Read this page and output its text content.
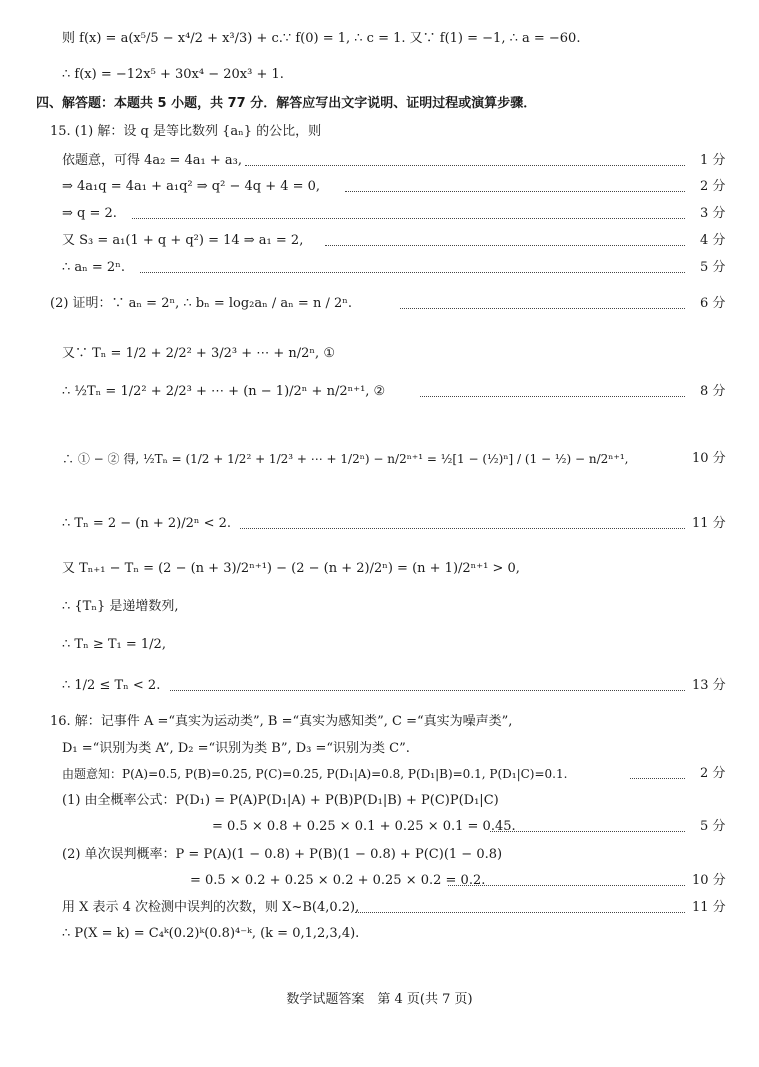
则 f(x) = a(x⁵/5 − x⁴/2 + x³/3) + c.∵ f(0) = 1, ∴ c = 1. 又∵ f(1) = −1, ∴ a = −60.
∴ f(x) = −12x⁵ + 30x⁴ − 20x³ + 1.
四、解答题：本题共 5 小题，共 77 分．解答应写出文字说明、证明过程或演算步骤．
15. (1) 解：设 q 是等比数列 {aₙ} 的公比，则
依题意，可得 4a₂ = 4a₁ + a₃,	1 分
⇒ 4a₁q = 4a₁ + a₁q² ⇒ q² − 4q + 4 = 0,	2 分
⇒ q = 2.	3 分
又 S₃ = a₁(1 + q + q²) = 14 ⇒ a₁ = 2,	4 分
∴ aₙ = 2ⁿ.	5 分
(2) 证明：∵ aₙ = 2ⁿ, ∴ bₙ = log₂aₙ / aₙ = n / 2ⁿ.	6 分
又∵ Tₙ = 1/2 + 2/2² + 3/2³ + ⋯ + n/2ⁿ, ①
∴ ½Tₙ = 1/2² + 2/2³ + ⋯ + (n − 1)/2ⁿ + n/2ⁿ⁺¹, ②	8 分
∴ ① − ② 得, ½Tₙ = (1/2 + 1/2² + 1/2³ + ⋯ + 1/2ⁿ) − n/2ⁿ⁺¹ = ½[1 − (½)ⁿ] / (1 − ½) − n/2ⁿ⁺¹,	10 分
∴ Tₙ = 2 − (n + 2)/2ⁿ < 2.	11 分
又 Tₙ₊₁ − Tₙ = (2 − (n + 3)/2ⁿ⁺¹) − (2 − (n + 2)/2ⁿ) = (n + 1)/2ⁿ⁺¹ > 0,
∴ {Tₙ} 是递增数列,
∴ Tₙ ≥ T₁ = 1/2,
∴ 1/2 ≤ Tₙ < 2.	13 分
16. 解：记事件 A =“真实为运动类”, B =“真实为感知类”, C =“真实为噪声类”,
D₁ =“识别为类 A”, D₂ =“识别为类 B”, D₃ =“识别为类 C”.
由题意知：P(A)=0.5, P(B)=0.25, P(C)=0.25, P(D₁|A)=0.8, P(D₁|B)=0.1, P(D₁|C)=0.1.	2 分
(1) 由全概率公式：P(D₁) = P(A)P(D₁|A) + P(B)P(D₁|B) + P(C)P(D₁|C)
= 0.5 × 0.8 + 0.25 × 0.1 + 0.25 × 0.1 = 0.45.	5 分
(2) 单次误判概率：P = P(A)(1 − 0.8) + P(B)(1 − 0.8) + P(C)(1 − 0.8)
= 0.5 × 0.2 + 0.25 × 0.2 + 0.25 × 0.2 = 0.2.	10 分
用 X 表示 4 次检测中误判的次数，则 X~B(4,0.2),	11 分
∴ P(X = k) = C₄ᵏ(0.2)ᵏ(0.8)⁴⁻ᵏ, (k = 0,1,2,3,4).
数学试题答案　第 4 页(共 7 页)
